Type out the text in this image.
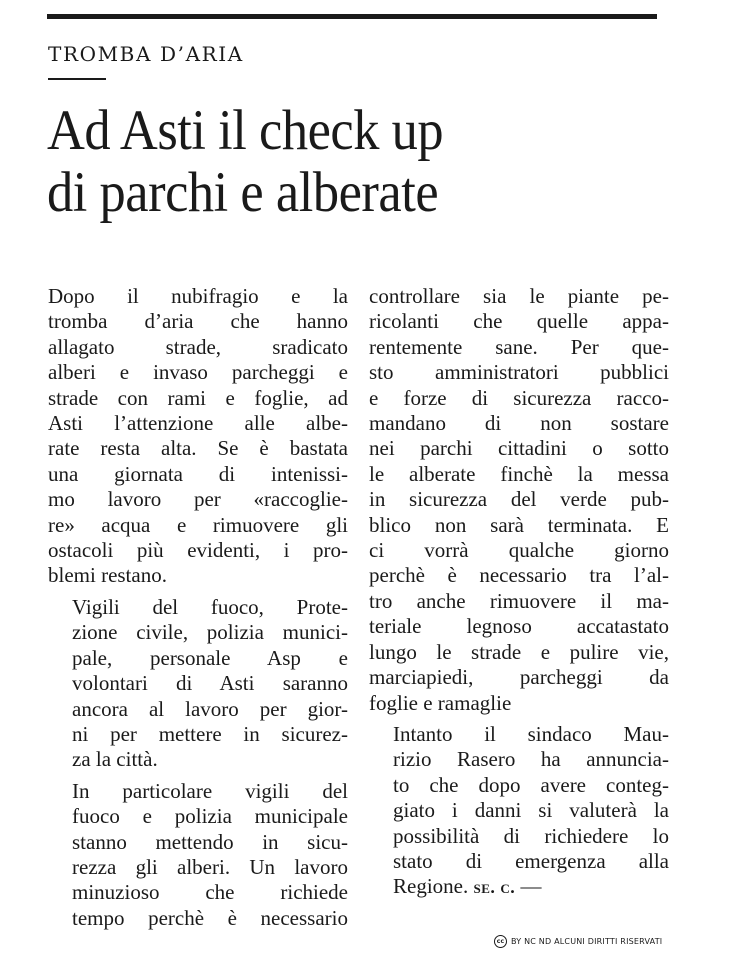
TROMBA D’ARIA
Ad Asti il check up
di parchi e alberate

Dopo il nubifragio e la
tromba d’aria che hanno
allagato strade, sradicato
alberi e invaso parcheggi e
strade con rami e foglie, ad
Asti l’attenzione alle albe-
rate resta alta. Se è bastata
una giornata di intenissi-
mo lavoro per «raccoglie-
re» acqua e rimuovere gli
ostacoli più evidenti, i pro-
blemi restano.

Vigili del fuoco, Prote-
zione civile, polizia munici-
pale, personale Asp e
volontari di Asti saranno
ancora al lavoro per gior-
ni per mettere in sicurez-
za la città.

In particolare vigili del
fuoco e polizia municipale
stanno mettendo in sicu-
rezza gli alberi. Un lavoro
minuzioso che richiede
tempo perchè è necessario

controllare sia le piante pe-
ricolanti che quelle appa-
rentemente sane. Per que-
sto amministratori pubblici
e forze di sicurezza racco-
mandano di non sostare
nei parchi cittadini o sotto
le alberate finchè la messa
in sicurezza del verde pub-
blico non sarà terminata. E
ci vorrà qualche giorno
perchè è necessario tra l’al-
tro anche rimuovere il ma-
teriale legnoso accatastato
lungo le strade e pulire vie,
marciapiedi, parcheggi da
foglie e ramaglie

Intanto il sindaco Mau-
rizio Rasero ha annuncia-
to che dopo avere conteg-
giato i danni si valuterà la
possibilità di richiedere lo
stato di emergenza alla
Regione. se. c. —

cc BY NC ND ALCUNI DIRITTI RISERVATI
